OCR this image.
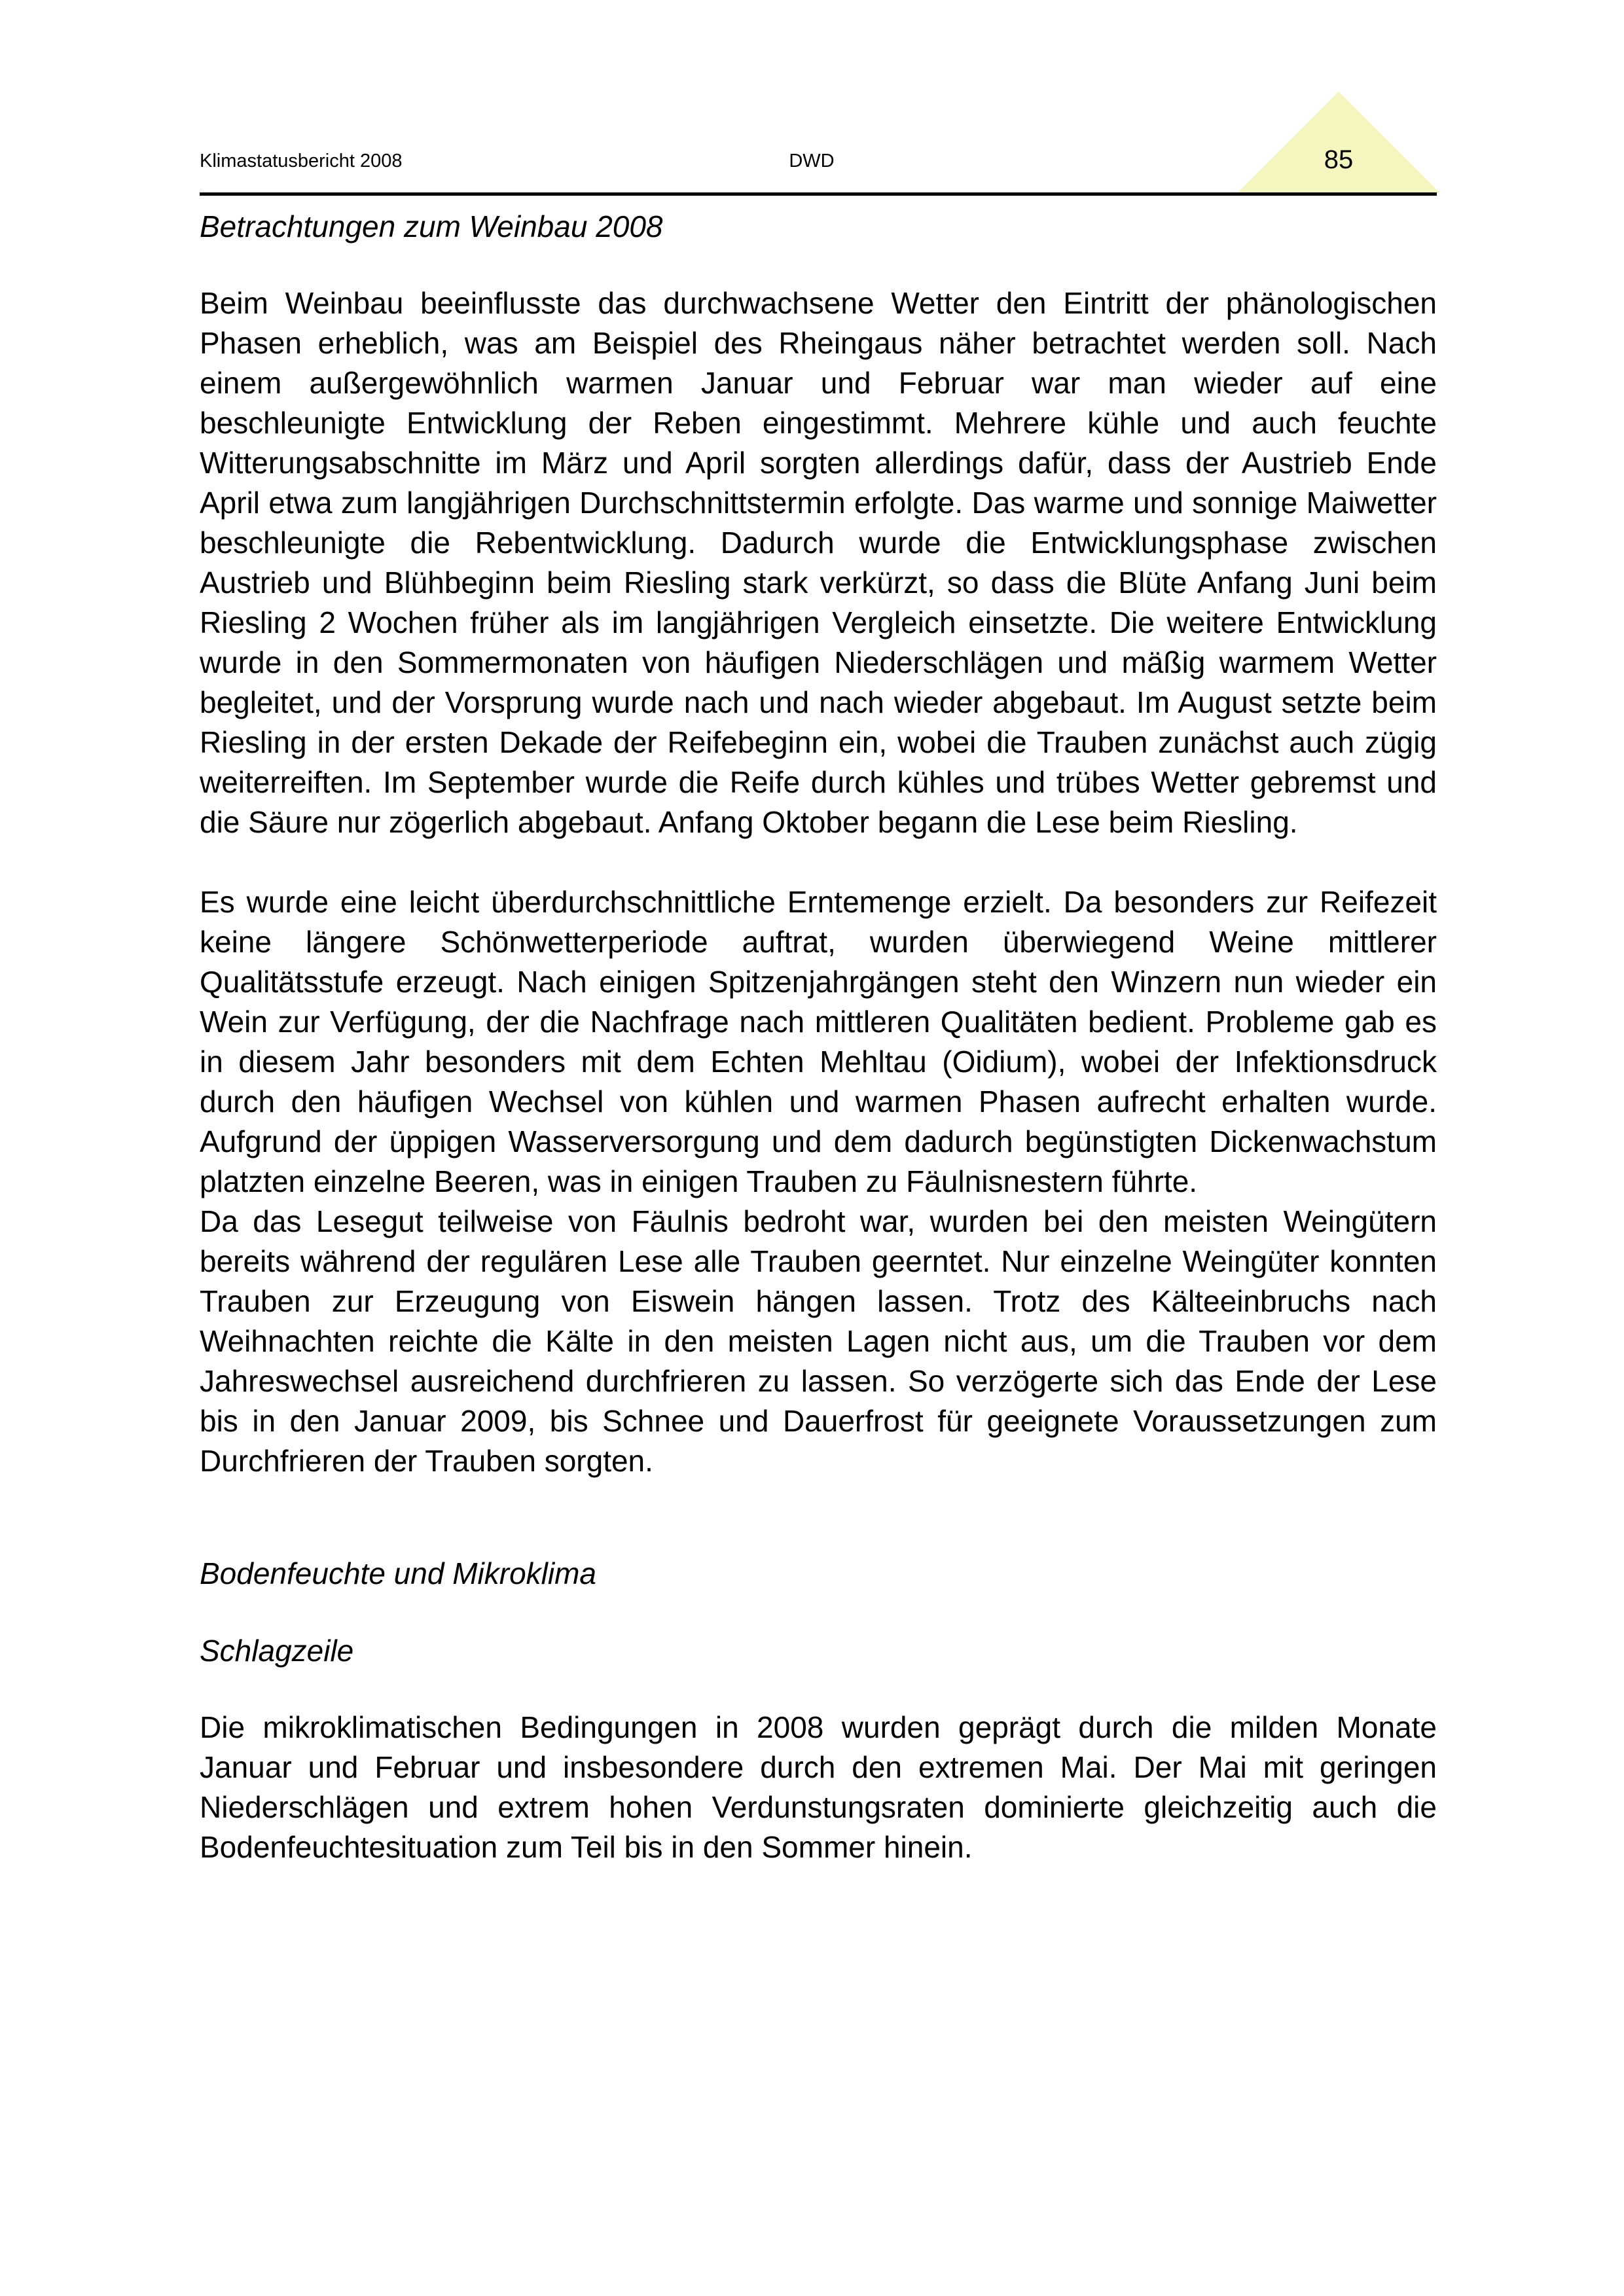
Klimastatusbericht 2008	DWD	85
Betrachtungen zum Weinbau 2008

Beim Weinbau beeinflusste das durchwachsene Wetter den Eintritt der phänologischen Phasen erheblich, was am Beispiel des Rheingaus näher betrachtet werden soll. Nach einem außergewöhnlich warmen Januar und Februar war man wieder auf eine beschleunigte Entwicklung der Reben eingestimmt. Mehrere kühle und auch feuchte Witterungsabschnitte im März und April sorgten allerdings dafür, dass der Austrieb Ende April etwa zum langjährigen Durchschnittstermin erfolgte. Das warme und sonnige Maiwetter beschleunigte die Rebentwicklung. Dadurch wurde die Entwicklungsphase zwischen Austrieb und Blühbeginn beim Riesling stark verkürzt, so dass die Blüte Anfang Juni beim Riesling 2 Wochen früher als im langjährigen Vergleich einsetzte. Die weitere Entwicklung wurde in den Sommermonaten von häufigen Niederschlägen und mäßig warmem Wetter begleitet, und der Vorsprung wurde nach und nach wieder abgebaut. Im August setzte beim Riesling in der ersten Dekade der Reifebeginn ein, wobei die Trauben zunächst auch zügig weiterreiften. Im September wurde die Reife durch kühles und trübes Wetter gebremst und die Säure nur zögerlich abgebaut. Anfang Oktober begann die Lese beim Riesling.

Es wurde eine leicht überdurchschnittliche Erntemenge erzielt. Da besonders zur Reifezeit keine längere Schönwetterperiode auftrat, wurden überwiegend Weine mittlerer Qualitätsstufe erzeugt. Nach einigen Spitzenjahrgängen steht den Winzern nun wieder ein Wein zur Verfügung, der die Nachfrage nach mittleren Qualitäten bedient. Probleme gab es in diesem Jahr besonders mit dem Echten Mehltau (Oidium), wobei der Infektionsdruck durch den häufigen Wechsel von kühlen und warmen Phasen aufrecht erhalten wurde. Aufgrund der üppigen Wasserversorgung und dem dadurch begünstigten Dickenwachstum platzten einzelne Beeren, was in einigen Trauben zu Fäulnisnestern führte.

Da das Lesegut teilweise von Fäulnis bedroht war, wurden bei den meisten Weingütern bereits während der regulären Lese alle Trauben geerntet. Nur einzelne Weingüter konnten Trauben zur Erzeugung von Eiswein hängen lassen. Trotz des Kälteeinbruchs nach Weihnachten reichte die Kälte in den meisten Lagen nicht aus, um die Trauben vor dem Jahreswechsel ausreichend durchfrieren zu lassen. So verzögerte sich das Ende der Lese bis in den Januar 2009, bis Schnee und Dauerfrost für geeignete Voraussetzungen zum Durchfrieren der Trauben sorgten.

Bodenfeuchte und Mikroklima
Schlagzeile

Die mikroklimatischen Bedingungen in 2008 wurden geprägt durch die milden Monate Januar und Februar und insbesondere durch den extremen Mai. Der Mai mit geringen Niederschlägen und extrem hohen Verdunstungsraten dominierte gleichzeitig auch die Bodenfeuchtesituation zum Teil bis in den Sommer hinein.
